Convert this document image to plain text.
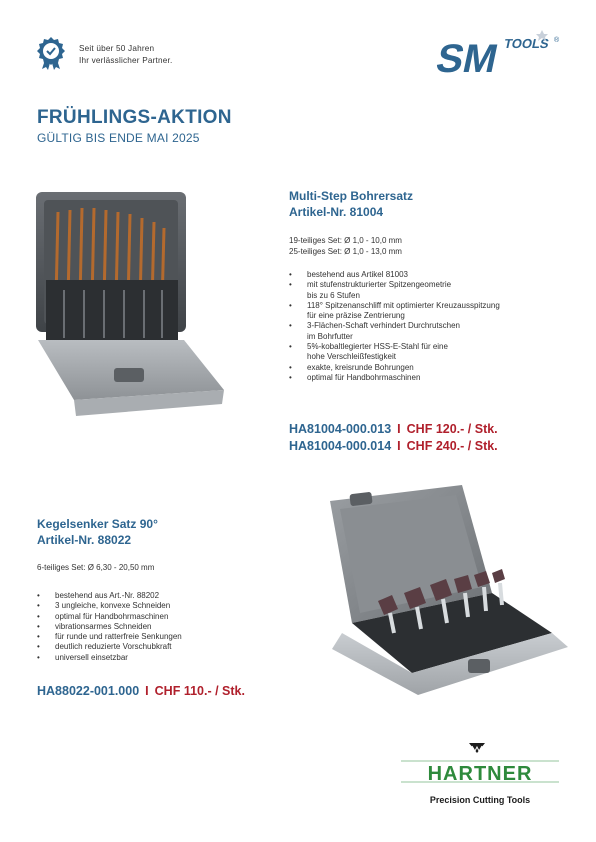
Seit über 50 Jahren
Ihr verlässlicher Partner.	SM TOOLS ®
FRÜHLINGS-AKTION
GÜLTIG BIS ENDE MAI 2025
Multi-Step Bohrersatz
Artikel-Nr. 81004
19-teiliges Set: Ø 1,0 - 10,0 mm
25-teiliges Set: Ø 1,0 - 13,0 mm
• bestehend aus Artikel 81003
• mit stufenstrukturierter Spitzengeometrie
bis zu 6 Stufen
• 118° Spitzenanschliff mit optimierter Kreuzausspitzung
für eine präzise Zentrierung
• 3-Flächen-Schaft verhindert Durchrutschen
im Bohrfutter
• 5%-kobaltlegierter HSS-E-Stahl für eine
hohe Verschleißfestigkeit
• exakte, kreisrunde Bohrungen
• optimal für Handbohrmaschinen
HA81004-000.013 I CHF 120.- / Stk.
HA81004-000.014 I CHF 240.- / Stk.
Kegelsenker Satz 90°
Artikel-Nr. 88022
6-teiliges Set: Ø 6,30 - 20,50 mm
• bestehend aus Art.-Nr. 88202
• 3 ungleiche, konvexe Schneiden
• optimal für Handbohrmaschinen
• vibrationsarmes Schneiden
• für runde und ratterfreie Senkungen
• deutlich reduzierte Vorschubkraft
• universell einsetzbar
HA88022-001.000 I CHF 110.- / Stk.
HARTNER
Precision Cutting Tools
